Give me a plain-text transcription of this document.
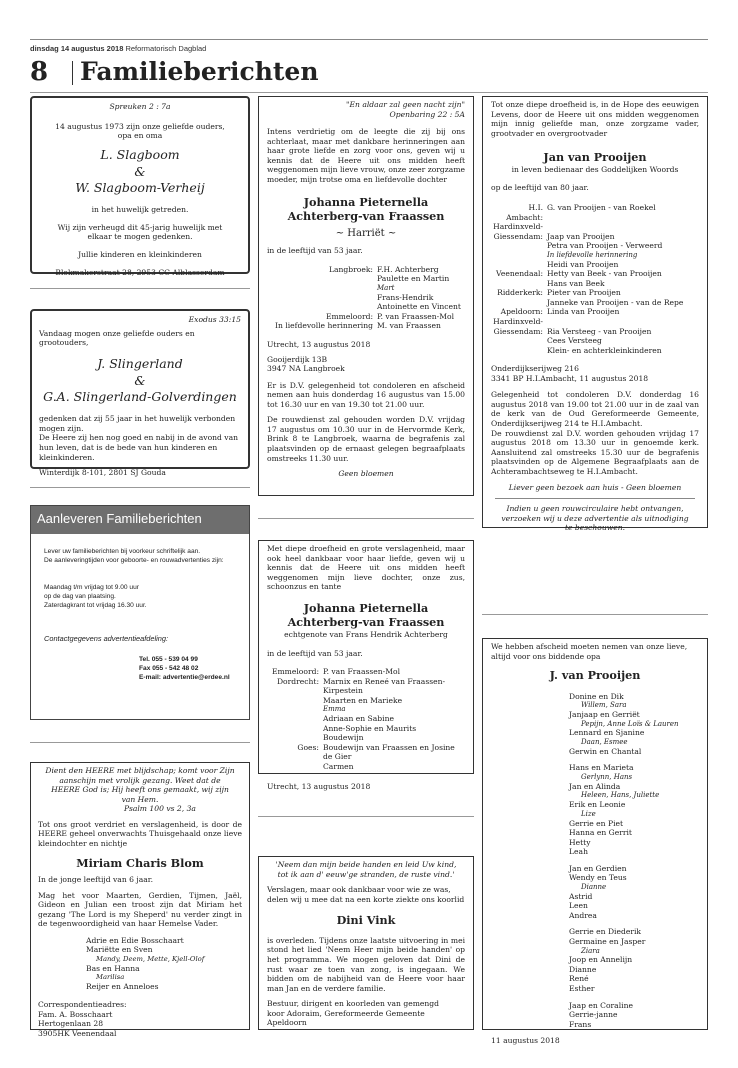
dinsdag 14 augustus 2018 Reformatorisch Dagblad
8 Familieberichten
Spreuken 2 : 7a
14 augustus 1973 zijn onze geliefde ouders, opa en oma
L. Slagboom
&
W. Slagboom-Verheij
in het huwelijk getreden.
Wij zijn verheugd dit 45-jarig huwelijk met elkaar te mogen gedenken.
Jullie kinderen en kleinkinderen
Blokmakerstraat 28, 2953 CC Alblasserdam
Exodus 33:15
Vandaag mogen onze geliefde ouders en grootouders,
J. Slingerland
&
G.A. Slingerland-Golverdingen
gedenken dat zij 55 jaar in het huwelijk verbonden mogen zijn.
De Heere zij hen nog goed en nabij in de avond van hun leven, dat is de bede van hun kinderen en kleinkinderen.
Winterdijk 8-101, 2801 SJ Gouda
Aanleveren Familieberichten
Lever uw familieberichten bij voorkeur schriftelijk aan.
De aanleveringtijden voor geboorte- en rouwadvertenties zijn:
Maandag t/m vrijdag tot 9.00 uur
op de dag van plaatsing.
Zaterdagkrant tot vrijdag 16.30 uur.
Contactgegevens advertentieafdeling:
Tel. 055 - 539 04 99
Fax 055 - 542 48 02
E-mail: advertentie@erdee.nl
Dient den HEERE met blijdschap; komt voor Zijn aanschijn met vrolijk gezang. Weet dat de HEERE God is; Hij heeft ons gemaakt, wij zijn van Hem.
Psalm 100 vs 2, 3a
Tot ons groot verdriet en verslagenheid, is door de HEERE geheel onverwachts Thuisgehaald onze lieve kleindochter en nichtje
Miriam Charis Blom
In de jonge leeftijd van 6 jaar.
Mag het voor Maarten, Gerdien, Tijmen, Jaël, Gideon en Julian een troost zijn dat Miriam het gezang 'The Lord is my Sheperd' nu verder zingt in de tegenwoordigheid van haar Hemelse Vader.
Adrie en Edie Bosschaart
Mariëtte en Sven
Mandy, Deem, Mette, Kjell-Olof
Bas en Hanna
Marilisa
Reijer en Anneloes
Correspondentieadres:
Fam. A. Bosschaart
Hertogenlaan 28
3905HK Veenendaal
"En aldaar zal geen nacht zijn"
Openbaring 22 : 5A
Intens verdrietig om de leegte die zij bij ons achterlaat, maar met dankbare herinneringen aan haar grote liefde en zorg voor ons, geven wij u kennis dat de Heere uit ons midden heeft weggenomen mijn lieve vrouw, onze zeer zorgzame moeder, mijn trotse oma en liefdevolle dochter
Johanna Pieternella
Achterberg-van Fraassen
~ Harriët ~
in de leeftijd van 53 jaar.
Langbroek: F.H. Achterberg
Paulette en Martin
Mart
Frans-Hendrik
Antoinette en Vincent
Emmeloord: P. van Fraassen-Mol
In liefdevolle herinnering M. van Fraassen
Utrecht, 13 augustus 2018
Gooijerdijk 13B
3947 NA Langbroek
Er is D.V. gelegenheid tot condoleren en afscheid nemen aan huis donderdag 16 augustus van 15.00 tot 16.30 uur en van 19.30 tot 21.00 uur.
De rouwdienst zal gehouden worden D.V. vrijdag 17 augustus om 10.30 uur in de Hervormde Kerk, Brink 8 te Langbroek, waarna de begrafenis zal plaatsvinden op de ernaast gelegen begraafplaats omstreeks 11.30 uur.
Geen bloemen
Met diepe droefheid en grote verslagenheid, maar ook heel dankbaar voor haar liefde, geven wij u kennis dat de Heere uit ons midden heeft weggenomen mijn lieve dochter, onze zus, schoonzus en tante
Johanna Pieternella
Achterberg-van Fraassen
echtgenote van Frans Hendrik Achterberg
in de leeftijd van 53 jaar.
Emmeloord: P. van Fraassen-Mol
Dordrecht: Marnix en Reneé van Fraassen-Kirpestein
Maarten en Marieke
Emma
Adriaan en Sabine
Anne-Sophie en Maurits
Boudewijn
Goes: Boudewijn van Fraassen en Josine de Gier
Carmen
Utrecht, 13 augustus 2018
'Neem dan mijn beide handen en leid Uw kind, tot ik aan d' eeuw'ge stranden, de ruste vind.'
Verslagen, maar ook dankbaar voor wie ze was, delen wij u mee dat na een korte ziekte ons koorlid
Dini Vink
is overleden. Tijdens onze laatste uitvoering in mei stond het lied 'Neem Heer mijn beide handen' op het programma. We mogen geloven dat Dini de rust waar ze toen van zong, is ingegaan. We bidden om de nabijheid van de Heere voor haar man Jan en de verdere familie.
Bestuur, dirigent en koorleden van gemengd
koor Adoraim, Gereformeerde Gemeente
Apeldoorn
Tot onze diepe droefheid is, in de Hope des eeuwigen Levens, door de Heere uit ons midden weggenomen mijn innig geliefde man, onze zorgzame vader, grootvader en overgrootvader
Jan van Prooijen
in leven bedienaar des Goddelijken Woords
op de leeftijd van 80 jaar.
H.I. Ambacht:
G. van Prooijen - van Roekel
Hardinxveld-
Giessendam: Jaap van Prooijen
Petra van Prooijen - Verweerd
In liefdevolle herinnering
Heidi van Prooijen
Veenendaal: Hetty van Beek - van Prooijen
Hans van Beek
Ridderkerk: Pieter van Prooijen
Janneke van Prooijen - van de Repe
Apeldoorn: Linda van Prooijen
Hardinxveld-
Giessendam: Ria Versteeg - van Prooijen
Cees Versteeg
Klein- en achterkleinkinderen
Onderdijkserijweg 216
3341 BP H.I.Ambacht, 11 augustus 2018
Gelegenheid tot condoleren D.V. donderdag 16 augustus 2018 van 19.00 tot 21.00 uur in de zaal van de kerk van de Oud Gereformeerde Gemeente, Onderdijkserijweg 214 te H.I.Ambacht.
De rouwdienst zal D.V. worden gehouden vrijdag 17 augustus 2018 om 13.30 uur in genoemde kerk. Aansluitend zal omstreeks 15.30 uur de begrafenis plaatsvinden op de Algemene Begraafplaats aan de Achterambachtseweg te H.I.Ambacht.
Liever geen bezoek aan huis - Geen bloemen
Indien u geen rouwcirculaire hebt ontvangen, verzoeken wij u deze advertentie als uitnodiging te beschouwen.
We hebben afscheid moeten nemen van onze lieve, altijd voor ons biddende opa
J. van Prooijen
Donine en Dik
Willem, Sara
Janjaap en Gerriët
Pepijn, Anne Loïs & Lauren
Lennard en Sjanine
Daan, Esmee
Gerwin en Chantal
Hans en Marieta
Gerlynn, Hans
Jan en Alinda
Heleen, Hans, Juliette
Erik en Leonie
Lize
Gerrie en Piet
Hanna en Gerrit
Hetty
Leah
Jan en Gerdien
Wendy en Teus
Dianne
Astrid
Leen
Andrea
Gerrie en Diederik
Germaine en Jasper
Ziara
Joop en Annelijn
Dianne
René
Esther
Jaap en Coraline
Gerrie-janne
Frans
11 augustus 2018
